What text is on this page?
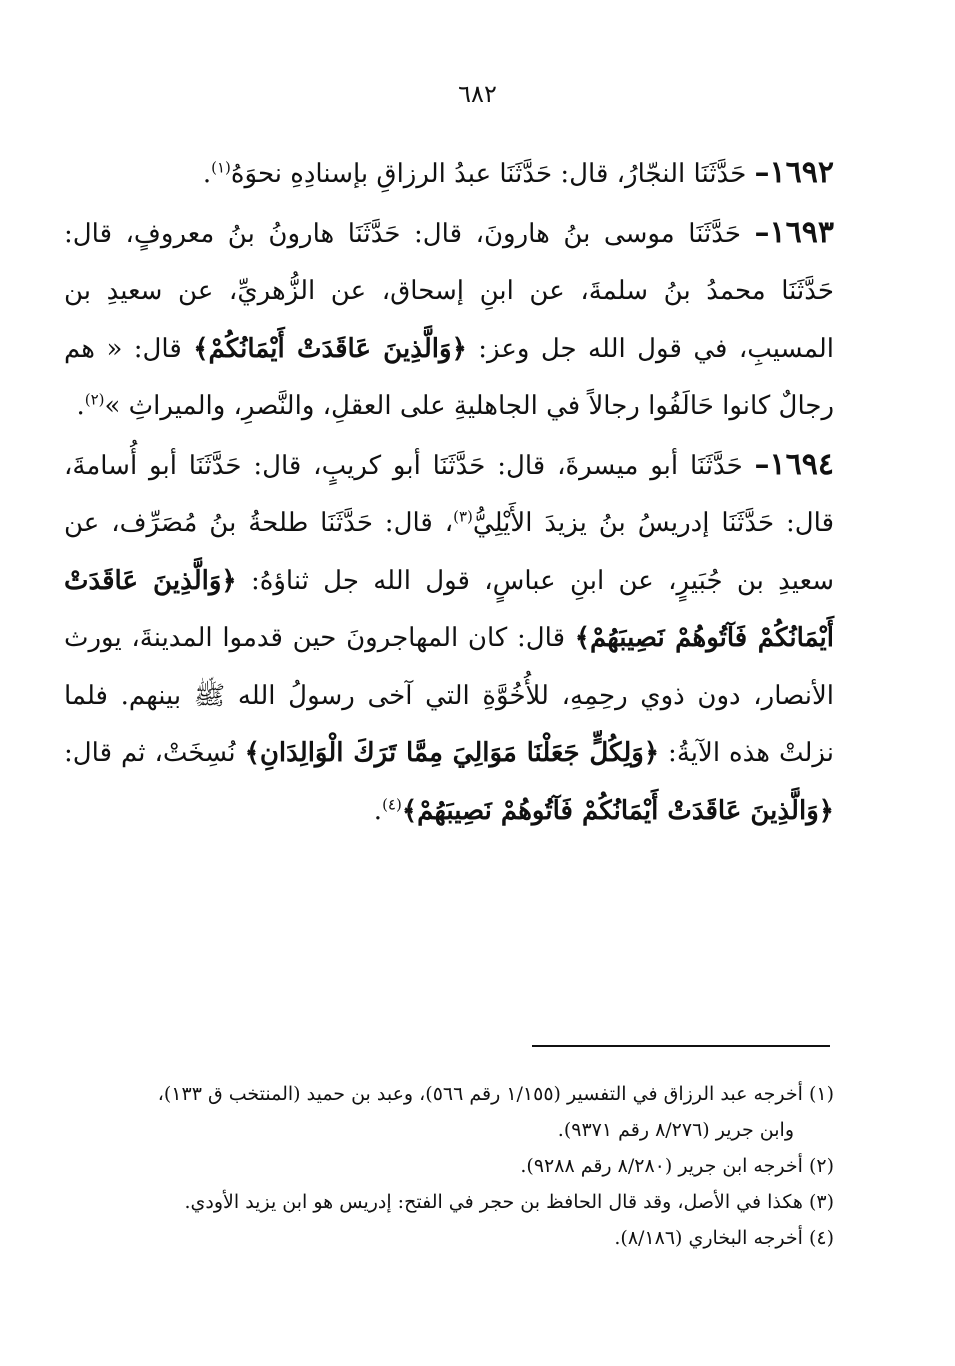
٦٨٢

١٦٩٢– حَدَّثَنَا النجّارُ، قال: حَدَّثَنَا عبدُ الرزاقِ بإسنادِهِ نحوَهُ$^{(١)}$.

١٦٩٣– حَدَّثَنَا موسى بنُ هارونَ، قال: حَدَّثَنَا هارونُ بنُ معروفٍ، قال: حَدَّثَنَا محمدُ بنُ سلمةَ، عن ابنِ إسحاق، عن الزُّهريِّ، عن سعيدِ بن المسيبِ، في قول الله جل وعز: ﴿وَالَّذِينَ عَاقَدَتْ أَيْمَانُكُمْ﴾ قال: « هم رجالٌ كانوا حَالَفُوا رجالاً في الجاهليةِ على العقلِ، والنَّصرِ، والميراثِ »$^{(٢)}$.

١٦٩٤– حَدَّثَنَا أبو ميسرةَ، قال: حَدَّثَنَا أبو كريبٍ، قال: حَدَّثَنَا أبو أُسامةَ، قال: حَدَّثَنَا إدريسُ بنُ يزيدَ الأَيْلِيُّ$^{(٣)}$، قال: حَدَّثَنَا طلحةُ بنُ مُصَرِّف، عن سعيدِ بن جُبَيرٍ، عن ابنِ عباسٍ، قول الله جل ثناؤهُ: ﴿وَالَّذِينَ عَاقَدَتْ أَيْمَانُكُمْ فَآتُوهُمْ نَصِيبَهُمْ﴾ قال: كان المهاجرونَ حين قدموا المدينةَ، يورث الأنصار، دون ذوي رحِمِهِ، للأُخُوَّةِ التي آخى رسولُ الله ﷺ بينهم. فلما نزلتْ هذه الآيةُ: ﴿وَلِكُلٍّ جَعَلْنَا مَوَالِيَ مِمَّا تَرَكَ الْوَالِدَانِ﴾ نُسِخَتْ، ثم قال: ﴿وَالَّذِينَ عَاقَدَتْ أَيْمَانُكُمْ فَآتُوهُمْ نَصِيبَهُمْ﴾$^{(٤)}$.

(١) أخرجه عبد الرزاق في التفسير (١/١٥٥ رقم ٥٦٦)، وعبد بن حميد (المنتخب ق ١٣٣)،
وابن جرير (٨/٢٧٦ رقم ٩٣٧١).
(٢) أخرجه ابن جرير (٨/٢٨٠ رقم ٩٢٨٨).
(٣) هكذا في الأصل، وقد قال الحافظ بن حجر في الفتح: إدريس هو ابن يزيد الأودي.
(٤) أخرجه البخاري (٨/١٨٦).
